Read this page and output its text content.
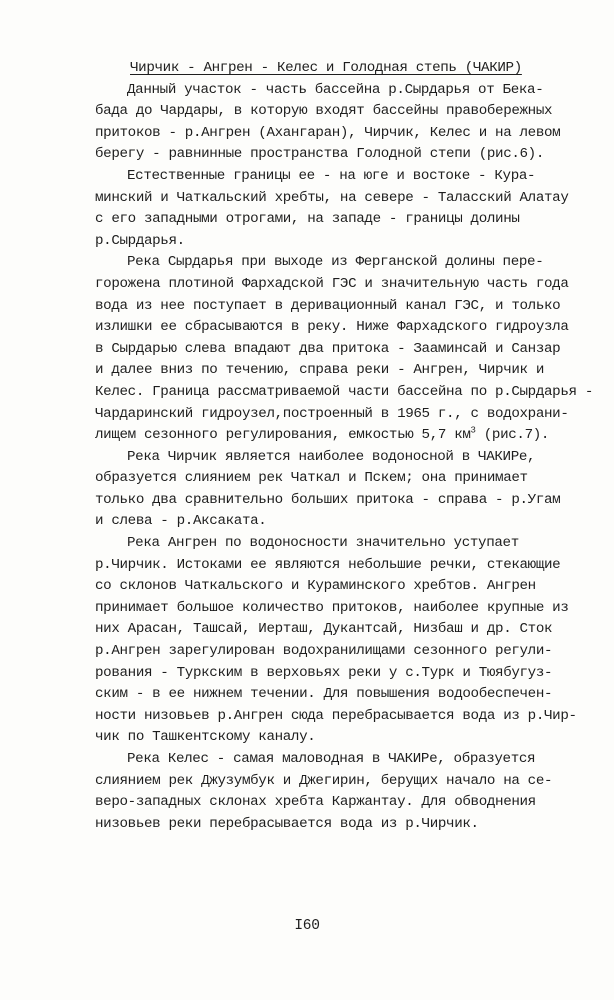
Чирчик - Ангрен - Келес и Голодная степь (ЧАКИР)
Данный участок - часть бассейна р.Сырдарья от Бека-
бада до Чардары, в которую входят бассейны правобережных
притоков - р.Ангрен (Ахангаран), Чирчик, Келес и на левом
берегу - равнинные пространства Голодной степи (рис.6).
Естественные границы ее - на юге и востоке - Кура-
минский и Чаткальский хребты, на севере - Таласский Алатау
с его западными отрогами, на западе - границы долины
р.Сырдарья.
Река Сырдарья при выходе из Ферганской долины пере-
горожена плотиной Фархадской ГЭС и значительную часть года
вода из нее поступает в деривационный канал ГЭС, и только
излишки ее сбрасываются в реку. Ниже Фархадского гидроузла
в Сырдарью слева впадают два притока - Зааминсай и Санзар
и далее вниз по течению, справа реки - Ангрен, Чирчик и
Келес. Граница рассматриваемой части бассейна по р.Сырдарья -
Чардаринский гидроузел,построенный в 1965 г., с водохрани-
лищем сезонного регулирования, емкостью 5,7 $км^3$ (рис.7).
Река Чирчик является наиболее водоносной в ЧАКИРе,
образуется слиянием рек Чаткал и Пскем; она принимает
только два сравнительно больших притока - справа - р.Угам
и слева - р.Аксаката.
Река Ангрен по водоносности значительно уступает
р.Чирчик. Истоками ее являются небольшие речки, стекающие
со склонов Чаткальского и Кураминского хребтов. Ангрен
принимает большое количество притоков, наиболее крупные из
них Арасан, Ташсай, Иерташ, Дукантсай, Низбаш и др. Сток
р.Ангрен зарегулирован водохранилищами сезонного регули-
рования - Туркским в верховьях реки у с.Турк и Тюябугуз-
ским - в ее нижнем течении. Для повышения водообеспечен-
ности низовьев р.Ангрен сюда перебрасывается вода из р.Чир-
чик по Ташкентскому каналу.
Река Келес - самая маловодная в ЧАКИРе, образуется
слиянием рек Джузумбук и Джегирин, берущих начало на се-
веро-западных склонах хребта Каржантау. Для обводнения
низовьев реки перебрасывается вода из р.Чирчик.
I60
